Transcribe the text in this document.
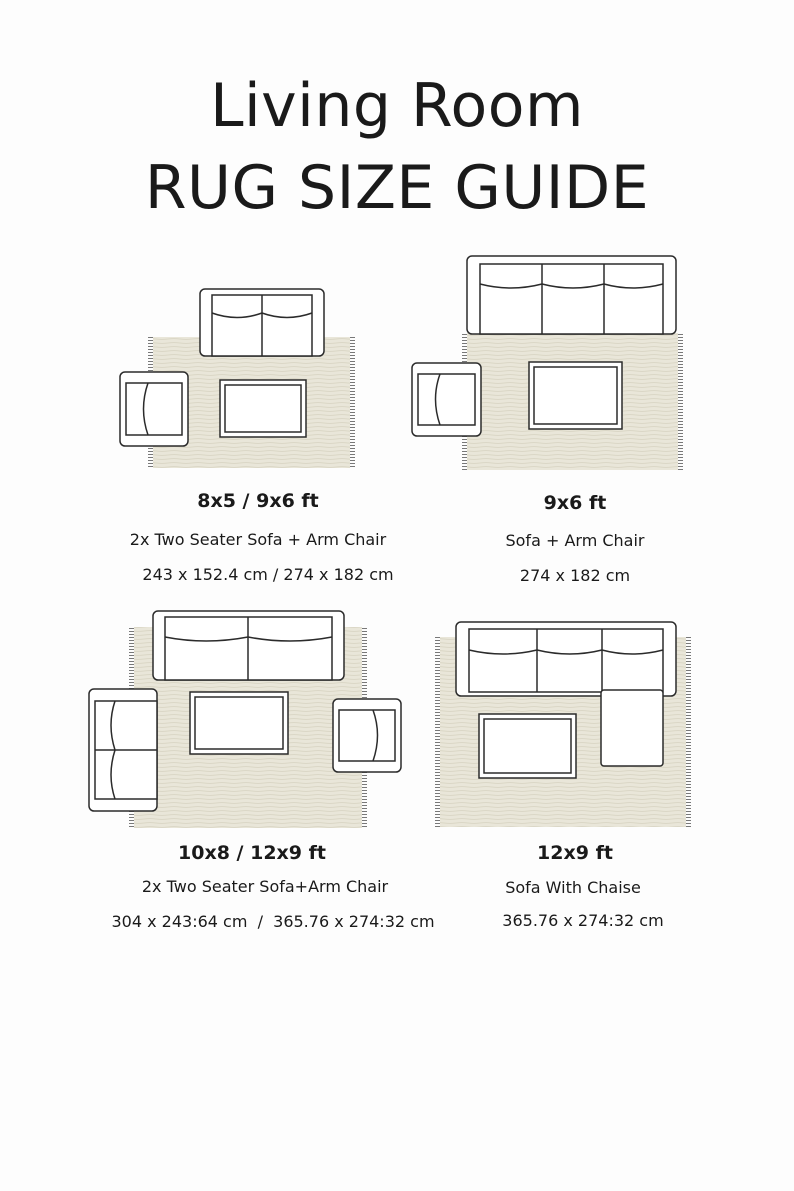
Living Room
RUG SIZE GUIDE
8x5 / 9x6 ft
2x Two Seater Sofa + Arm Chair
243 x 152.4 cm / 274 x 182 cm
9x6 ft
Sofa + Arm Chair
274 x 182 cm
10x8 / 12x9 ft
2x Two Seater Sofa+Arm Chair
304 x 243:64 cm  /  365.76 x 274:32 cm
12x9 ft
Sofa With Chaise
365.76 x 274:32 cm
